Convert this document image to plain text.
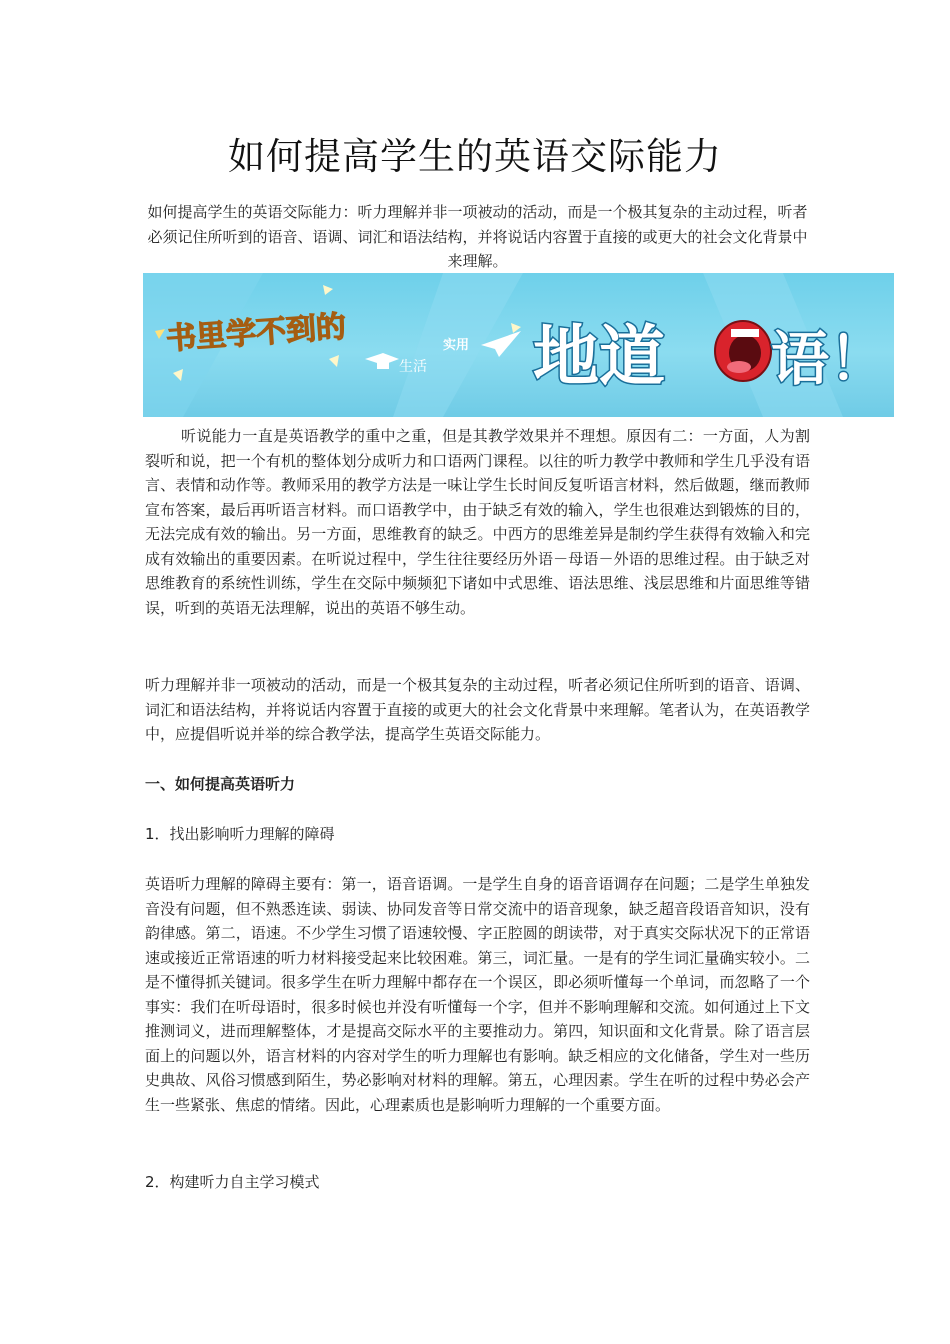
如何提高学生的英语交际能力

如何提高学生的英语交际能力：听力理解并非一项被动的活动，而是一个极其复杂的主动过程，听者必须记住所听到的语音、语调、词汇和语法结构，并将说话内容置于直接的或更大的社会文化背景中来理解。

书里学不到的
生活
实用 地道 语！

听说能力一直是英语教学的重中之重，但是其教学效果并不理想。原因有二：一方面，人为割裂听和说，把一个有机的整体划分成听力和口语两门课程。以往的听力教学中教师和学生几乎没有语言、表情和动作等。教师采用的教学方法是一味让学生长时间反复听语言材料，然后做题，继而教师宣布答案，最后再听语言材料。而口语教学中，由于缺乏有效的输入，学生也很难达到锻炼的目的，无法完成有效的输出。另一方面，思维教育的缺乏。中西方的思维差异是制约学生获得有效输入和完成有效输出的重要因素。在听说过程中，学生往往要经历外语－母语－外语的思维过程。由于缺乏对思维教育的系统性训练，学生在交际中频频犯下诸如中式思维、语法思维、浅层思维和片面思维等错误，听到的英语无法理解，说出的英语不够生动。

听力理解并非一项被动的活动，而是一个极其复杂的主动过程，听者必须记住所听到的语音、语调、词汇和语法结构，并将说话内容置于直接的或更大的社会文化背景中来理解。笔者认为，在英语教学中，应提倡听说并举的综合教学法，提高学生英语交际能力。

一、如何提高英语听力

1．找出影响听力理解的障碍

英语听力理解的障碍主要有：第一，语音语调。一是学生自身的语音语调存在问题；二是学生单独发音没有问题，但不熟悉连读、弱读、协同发音等日常交流中的语音现象，缺乏超音段语音知识，没有韵律感。第二，语速。不少学生习惯了语速较慢、字正腔圆的朗读带，对于真实交际状况下的正常语速或接近正常语速的听力材料接受起来比较困难。第三，词汇量。一是有的学生词汇量确实较小。二是不懂得抓关键词。很多学生在听力理解中都存在一个误区，即必须听懂每一个单词，而忽略了一个事实：我们在听母语时，很多时候也并没有听懂每一个字，但并不影响理解和交流。如何通过上下文推测词义，进而理解整体，才是提高交际水平的主要推动力。第四，知识面和文化背景。除了语言层面上的问题以外，语言材料的内容对学生的听力理解也有影响。缺乏相应的文化储备，学生对一些历史典故、风俗习惯感到陌生，势必影响对材料的理解。第五，心理因素。学生在听的过程中势必会产生一些紧张、焦虑的情绪。因此，心理素质也是影响听力理解的一个重要方面。

2．构建听力自主学习模式
